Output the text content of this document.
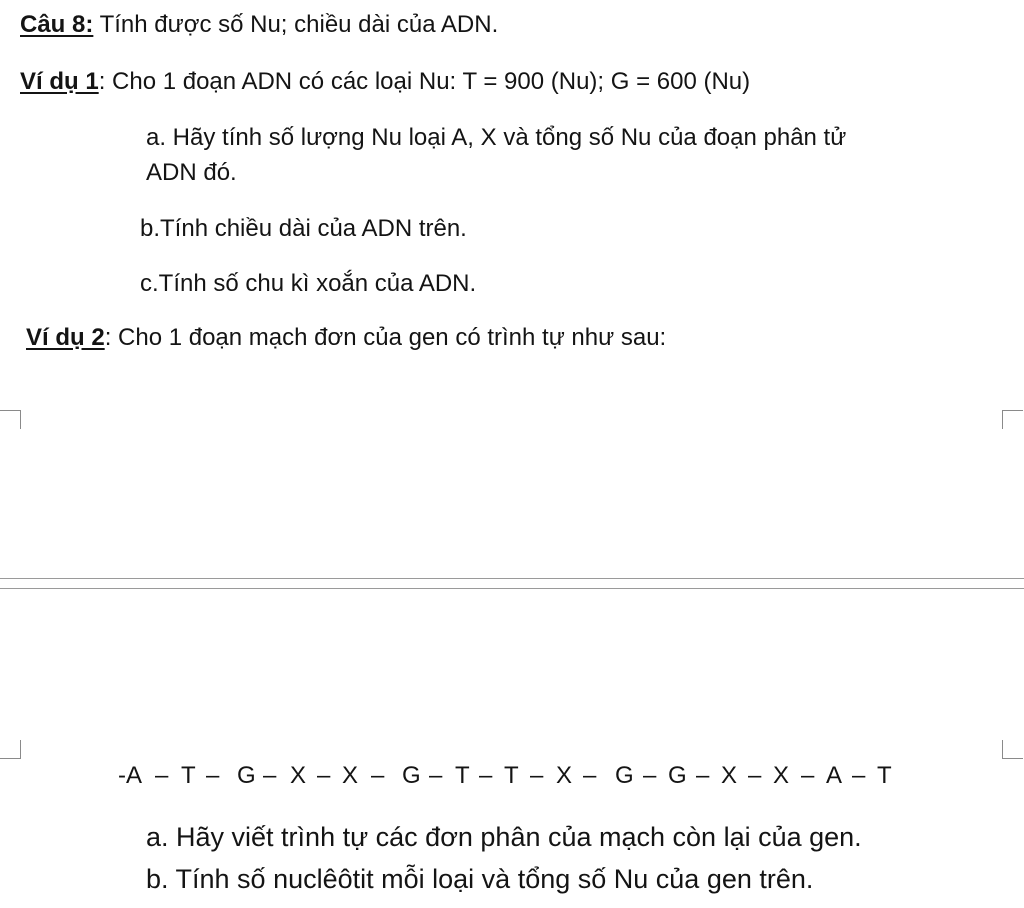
Câu 8: Tính được số Nu; chiều dài của ADN.
Ví dụ 1: Cho 1 đoạn ADN có các loại Nu: T = 900 (Nu); G = 600 (Nu)
a. Hãy tính số lượng Nu loại A, X và tổng số Nu của đoạn phân tử
ADN đó.
b.Tính chiều dài của ADN trên.
c.Tính số chu kì xoắn của ADN.
Ví dụ 2: Cho 1 đoạn mạch đơn của gen có trình tự như sau:
-A – T – G – X – X – G – T – T – X – G – G – X – X – A – T
a. Hãy viết trình tự các đơn phân của mạch còn lại của gen.
b. Tính số nuclêôtit mỗi loại và tổng số Nu của gen trên.
